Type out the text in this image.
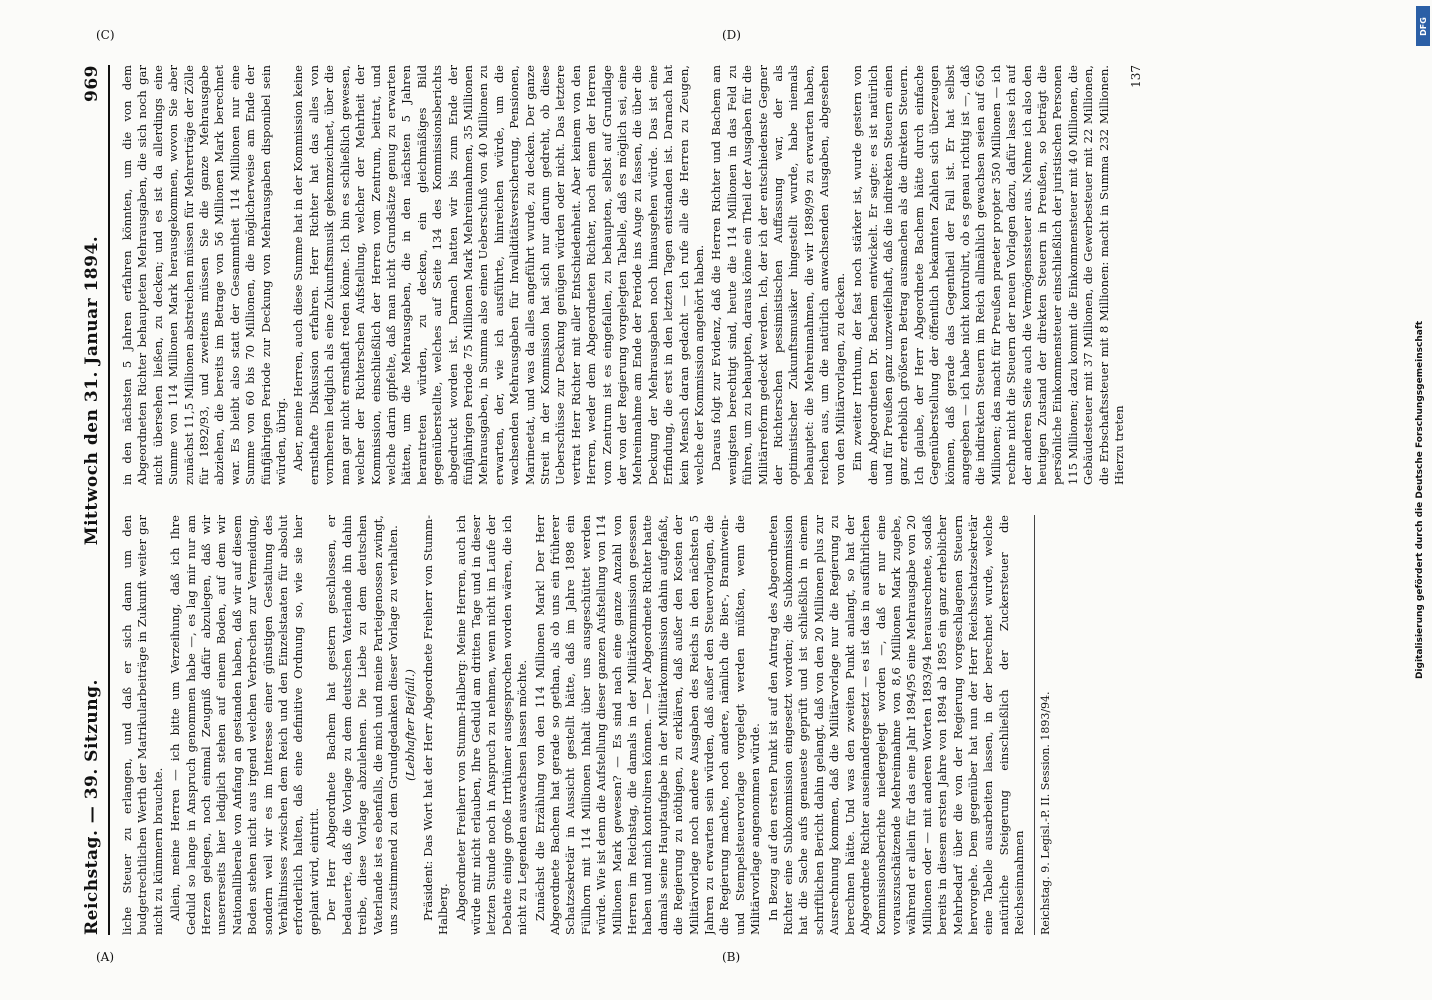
Reichstag. — 39. Sitzung.
Mittwoch den 31. Januar 1894.
969

liche Steuer zu erlangen, und daß er sich dann um den budgetrechtlichen Werth der Matrikularbeiträge in Zukunft weiter gar nicht zu kümmern brauchte. Allein, meine Herren — ich bitte um Verzeihung, daß ich Ihre Geduld so lange in Anspruch genommen habe —, es lag mir nur am Herzen gelegen, noch einmal Zeugniß dafür abzulegen, daß wir unsererseits hier lediglich stehen auf einem Boden, auf dem wir Nationalliberale von Anfang an gestanden haben, daß wir auf diesem Boden stehen nicht aus irgend welchen Verbrechen zur Vermeidung, sondern weil wir es im Interesse einer günstigen Gestaltung des Verhältnisses zwischen dem Reich und den Einzelstaaten für absolut erforderlich halten, daß eine definitive Ordnung so, wie sie hier geplant wird, eintritt. Der Herr Abgeordnete Bachem hat gestern geschlossen, er bedauerte, daß die Vorlage zu dem deutschen Vaterlande ihn dahin treibe, diese Vorlage abzulehnen. Die Liebe zu dem deutschen Vaterlande ist es ebenfalls, die mich und meine Parteigenossen zwingt, uns zustimmend zu dem Grundgedanken dieser Vorlage zu verhalten. (Lebhafter Beifall.) Präsident: Das Wort hat der Herr Abgeordnete Freiherr von Stumm-Halberg. Abgeordneter Freiherr von Stumm-Halberg: Meine Herren, auch ich würde mir nicht erlauben, Ihre Geduld am dritten Tage und in dieser letzten Stunde noch in Anspruch zu nehmen, wenn nicht im Laufe der Debatte einige große Irrthümer ausgesprochen worden wären, die ich nicht zu Legenden auswachsen lassen möchte. Zunächst die Erzählung von den 114 Millionen Mark! Der Herr Abgeordnete Bachem hat gerade so gethan, als ob uns ein früherer Schatzsekretär in Aussicht gestellt hätte, daß im Jahre 1898 ein Füllhorn mit 114 Millionen Inhalt über uns ausgeschüttet werden würde. Wie ist denn die Aufstellung dieser ganzen Aufstellung von 114 Millionen Mark gewesen? — Es sind nach eine ganze Anzahl von Herren im Reichstag, die damals in der Militärkommission gesessen haben und mich kontroliren können. — Der Abgeordnete Richter hatte damals seine Hauptaufgabe in der Militärkommission dahin aufgefaßt, die Regierung zu nöthigen, zu erklären, daß außer den Kosten der Militärvorlage noch andere Ausgaben des Reichs in den nächsten 5 Jahren zu erwarten sein würden, daß außer den Steuervorlagen, die die Regierung machte, noch andere, nämlich die Bier-, Branntwein- und Stempelsteuervorlage vorgelegt werden müßten, wenn die Militärvorlage angenommen würde. In Bezug auf den ersten Punkt ist auf den Antrag des Abgeordneten Richter eine Subkommission eingesetzt worden; die Subkommission hat die Sache aufs genaueste geprüft und ist schließlich in einem schriftlichen Bericht dahin gelangt, daß von den 20 Millionen plus zur Ausrechnung kommen, daß die Militärvorlage nur die Regierung zu berechnen hätte. Und was den zweiten Punkt anlangt, so hat der Abgeordnete Richter auseinandergesetzt — es ist das in ausführlichen Kommissionsberichte niedergelegt worden —, daß er nur eine vorauszuschätzende Mehreinnahme von 8,6 Millionen Mark zugebe, während er allein für das eine Jahr 1894/95 eine Mehrausgabe von 20 Millionen oder — mit anderen Worten 1893/94 herausrechnete, sodaß bereits in diesem ersten Jahre von 1894 ab 1895 ein ganz erheblicher Mehrbedarf über die von der Regierung vorgeschlagenen Steuern hervorgehe. Dem gegenüber hat nun der Herr Reichsschatzsekretär eine Tabelle ausarbeiten lassen, in der berechnet wurde, welche natürliche Steigerung einschließlich der Zuckersteuer die Reichseinnahmen	Reichstag. 9. Legisl.-P. II. Session. 1893/94.

in den nächsten 5 Jahren erfahren könnten, um die von dem Abgeordneten Richter behaupteten Mehrausgaben, die sich noch gar nicht übersehen ließen, zu decken; und es ist da allerdings eine Summe von 114 Millionen Mark herausgekommen, wovon Sie aber zunächst 11,5 Millionen abstreichen müssen für Mehrerträge der Zölle für 1892/93, und zweitens müssen Sie die ganze Mehrausgabe abziehen, die bereits im Betrage von 56 Millionen Mark berechnet war. Es bleibt also statt der Gesammtheit 114 Millionen nur eine Summe von 60 bis 70 Millionen, die möglicherweise am Ende der fünfjährigen Periode zur Deckung von Mehrausgaben disponibel sein würden, übrig. Aber, meine Herren, auch diese Summe hat in der Kommission keine ernsthafte Diskussion erfahren. Herr Richter hat das alles von vornherein lediglich als eine Zukunftsmusik gekennzeichnet, über die man gar nicht ernsthaft reden könne. Ich bin es schließlich gewesen, welcher der Richterschen Aufstellung, welcher der Mehrheit der Kommission, einschließlich der Herren vom Zentrum, beitrat, und welche darin gipfelte, daß man nicht Grundsätze genug zu erwarten hätten, um die Mehrausgaben, die in den nächsten 5 Jahren herantreten würden, zu decken, ein gleichmäßiges Bild gegenüberstellte, welches auf Seite 134 des Kommissionsberichts abgedruckt worden ist. Darnach hatten wir bis zum Ende der fünfjährigen Periode 75 Millionen Mark Mehreinnahmen, 35 Millionen Mehrausgaben, in Summa also einen Ueberschuß von 40 Millionen zu erwarten, der, wie ich ausführte, hinreichen würde, um die wachsenden Mehrausgaben für Invaliditätsversicherung, Pensionen, Marineetat, und was da alles angeführt wurde, zu decken. Der ganze Streit in der Kommission hat sich nur darum gedreht, ob diese Ueberschüsse zur Deckung genügen würden oder nicht. Das letztere vertrat Herr Richter mit aller Entschiedenheit. Aber keinem von den Herren, weder dem Abgeordneten Richter, noch einem der Herren vom Zentrum ist es eingefallen, zu behaupten, selbst auf Grundlage der von der Regierung vorgelegten Tabelle, daß es möglich sei, eine Mehreinnahme am Ende der Periode ins Auge zu fassen, die über die Deckung der Mehrausgaben noch hinausgehen würde. Das ist eine Erfindung, die erst in den letzten Tagen entstanden ist. Darnach hat kein Mensch daran gedacht — ich rufe alle die Herren zu Zeugen, welche der Kommission angehört haben. Daraus folgt zur Evidenz, daß die Herren Richter und Bachem am wenigsten berechtigt sind, heute die 114 Millionen in das Feld zu führen, um zu behaupten, daraus könne ein Theil der Ausgaben für die Militärreform gedeckt werden. Ich, der ich der entschiedenste Gegner der Richterschen pessimistischen Auffassung war, der als optimistischer Zukunftsmusiker hingestellt wurde, habe niemals behauptet: die Mehreinnahmen, die wir 1898/99 zu erwarten haben, reichen aus, um die natürlich anwachsenden Ausgaben, abgesehen von den Militärvorlagen, zu decken. Ein zweiter Irrthum, der fast noch stärker ist, wurde gestern von dem Abgeordneten Dr. Bachem entwickelt. Er sagte: es ist natürlich und für Preußen ganz unzweifelhaft, daß die indirekten Steuern einen ganz erheblich größeren Betrag ausmachen als die direkten Steuern. Ich glaube, der Herr Abgeordnete Bachem hätte durch einfache Gegenüberstellung der öffentlich bekannten Zahlen sich überzeugen können, daß gerade das Gegentheil der Fall ist. Er hat selbst angegeben — ich habe nicht kontrolirt, ob es genau richtig ist —, daß die indirekten Steuern im Reich allmählich gewachsen seien auf 650 Millionen; das macht für Preußen praeter propter 350 Millionen — ich rechne nicht die Steuern der neuen Vorlagen dazu, dafür lasse ich auf der anderen Seite auch die Vermögenssteuer aus. Nehme ich also den heutigen Zustand der direkten Steuern in Preußen, so beträgt die persönliche Einkommensteuer einschließlich der juristischen Personen 115 Millionen; dazu kommt die Einkommensteuer mit 40 Millionen, die Gebäudesteuer mit 37 Millionen, die Gewerbesteuer mit 22 Millionen, die Erbschaftssteuer mit 8 Millionen: macht in Summa 232 Millionen. Hierzu treten

137
(A)	(B)
(C)	(D)	DFG
Digitalisierung gefördert durch die Deutsche Forschungsgemeinschaft
